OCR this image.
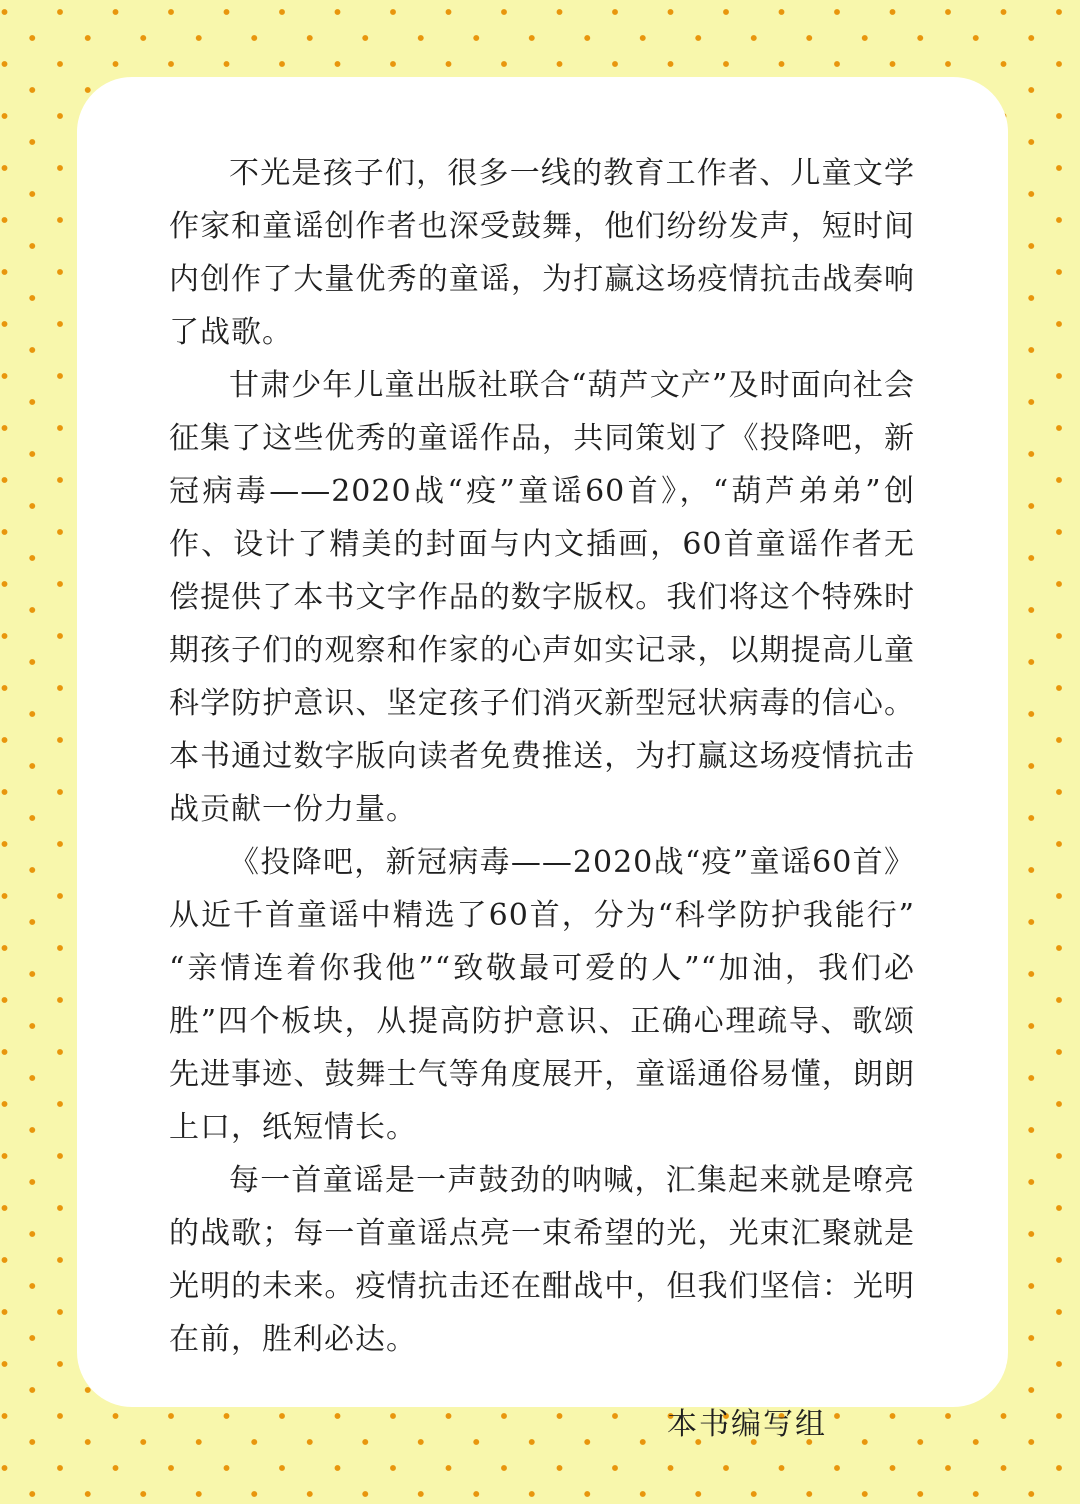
不光是孩子们，很多一线的教育工作者、儿童文学作家和童谣创作者也深受鼓舞，他们纷纷发声，短时间内创作了大量优秀的童谣，为打赢这场疫情抗击战奏响了战歌。

甘肃少年儿童出版社联合“葫芦文产”及时面向社会征集了这些优秀的童谣作品，共同策划了《投降吧，新冠病毒——2020战“疫”童谣60首》，“葫芦弟弟”创作、设计了精美的封面与内文插画，60首童谣作者无偿提供了本书文字作品的数字版权。我们将这个特殊时期孩子们的观察和作家的心声如实记录，以期提高儿童科学防护意识、坚定孩子们消灭新型冠状病毒的信心。本书通过数字版向读者免费推送，为打赢这场疫情抗击战贡献一份力量。

《投降吧，新冠病毒——2020战“疫”童谣60首》从近千首童谣中精选了60首，分为“科学防护我能行”“亲情连着你我他”“致敬最可爱的人”“加油，我们必胜”四个板块，从提高防护意识、正确心理疏导、歌颂先进事迹、鼓舞士气等角度展开，童谣通俗易懂，朗朗上口，纸短情长。

每一首童谣是一声鼓劲的呐喊，汇集起来就是嘹亮的战歌；每一首童谣点亮一束希望的光，光束汇聚就是光明的未来。疫情抗击还在酣战中，但我们坚信：光明在前，胜利必达。

本书编写组
